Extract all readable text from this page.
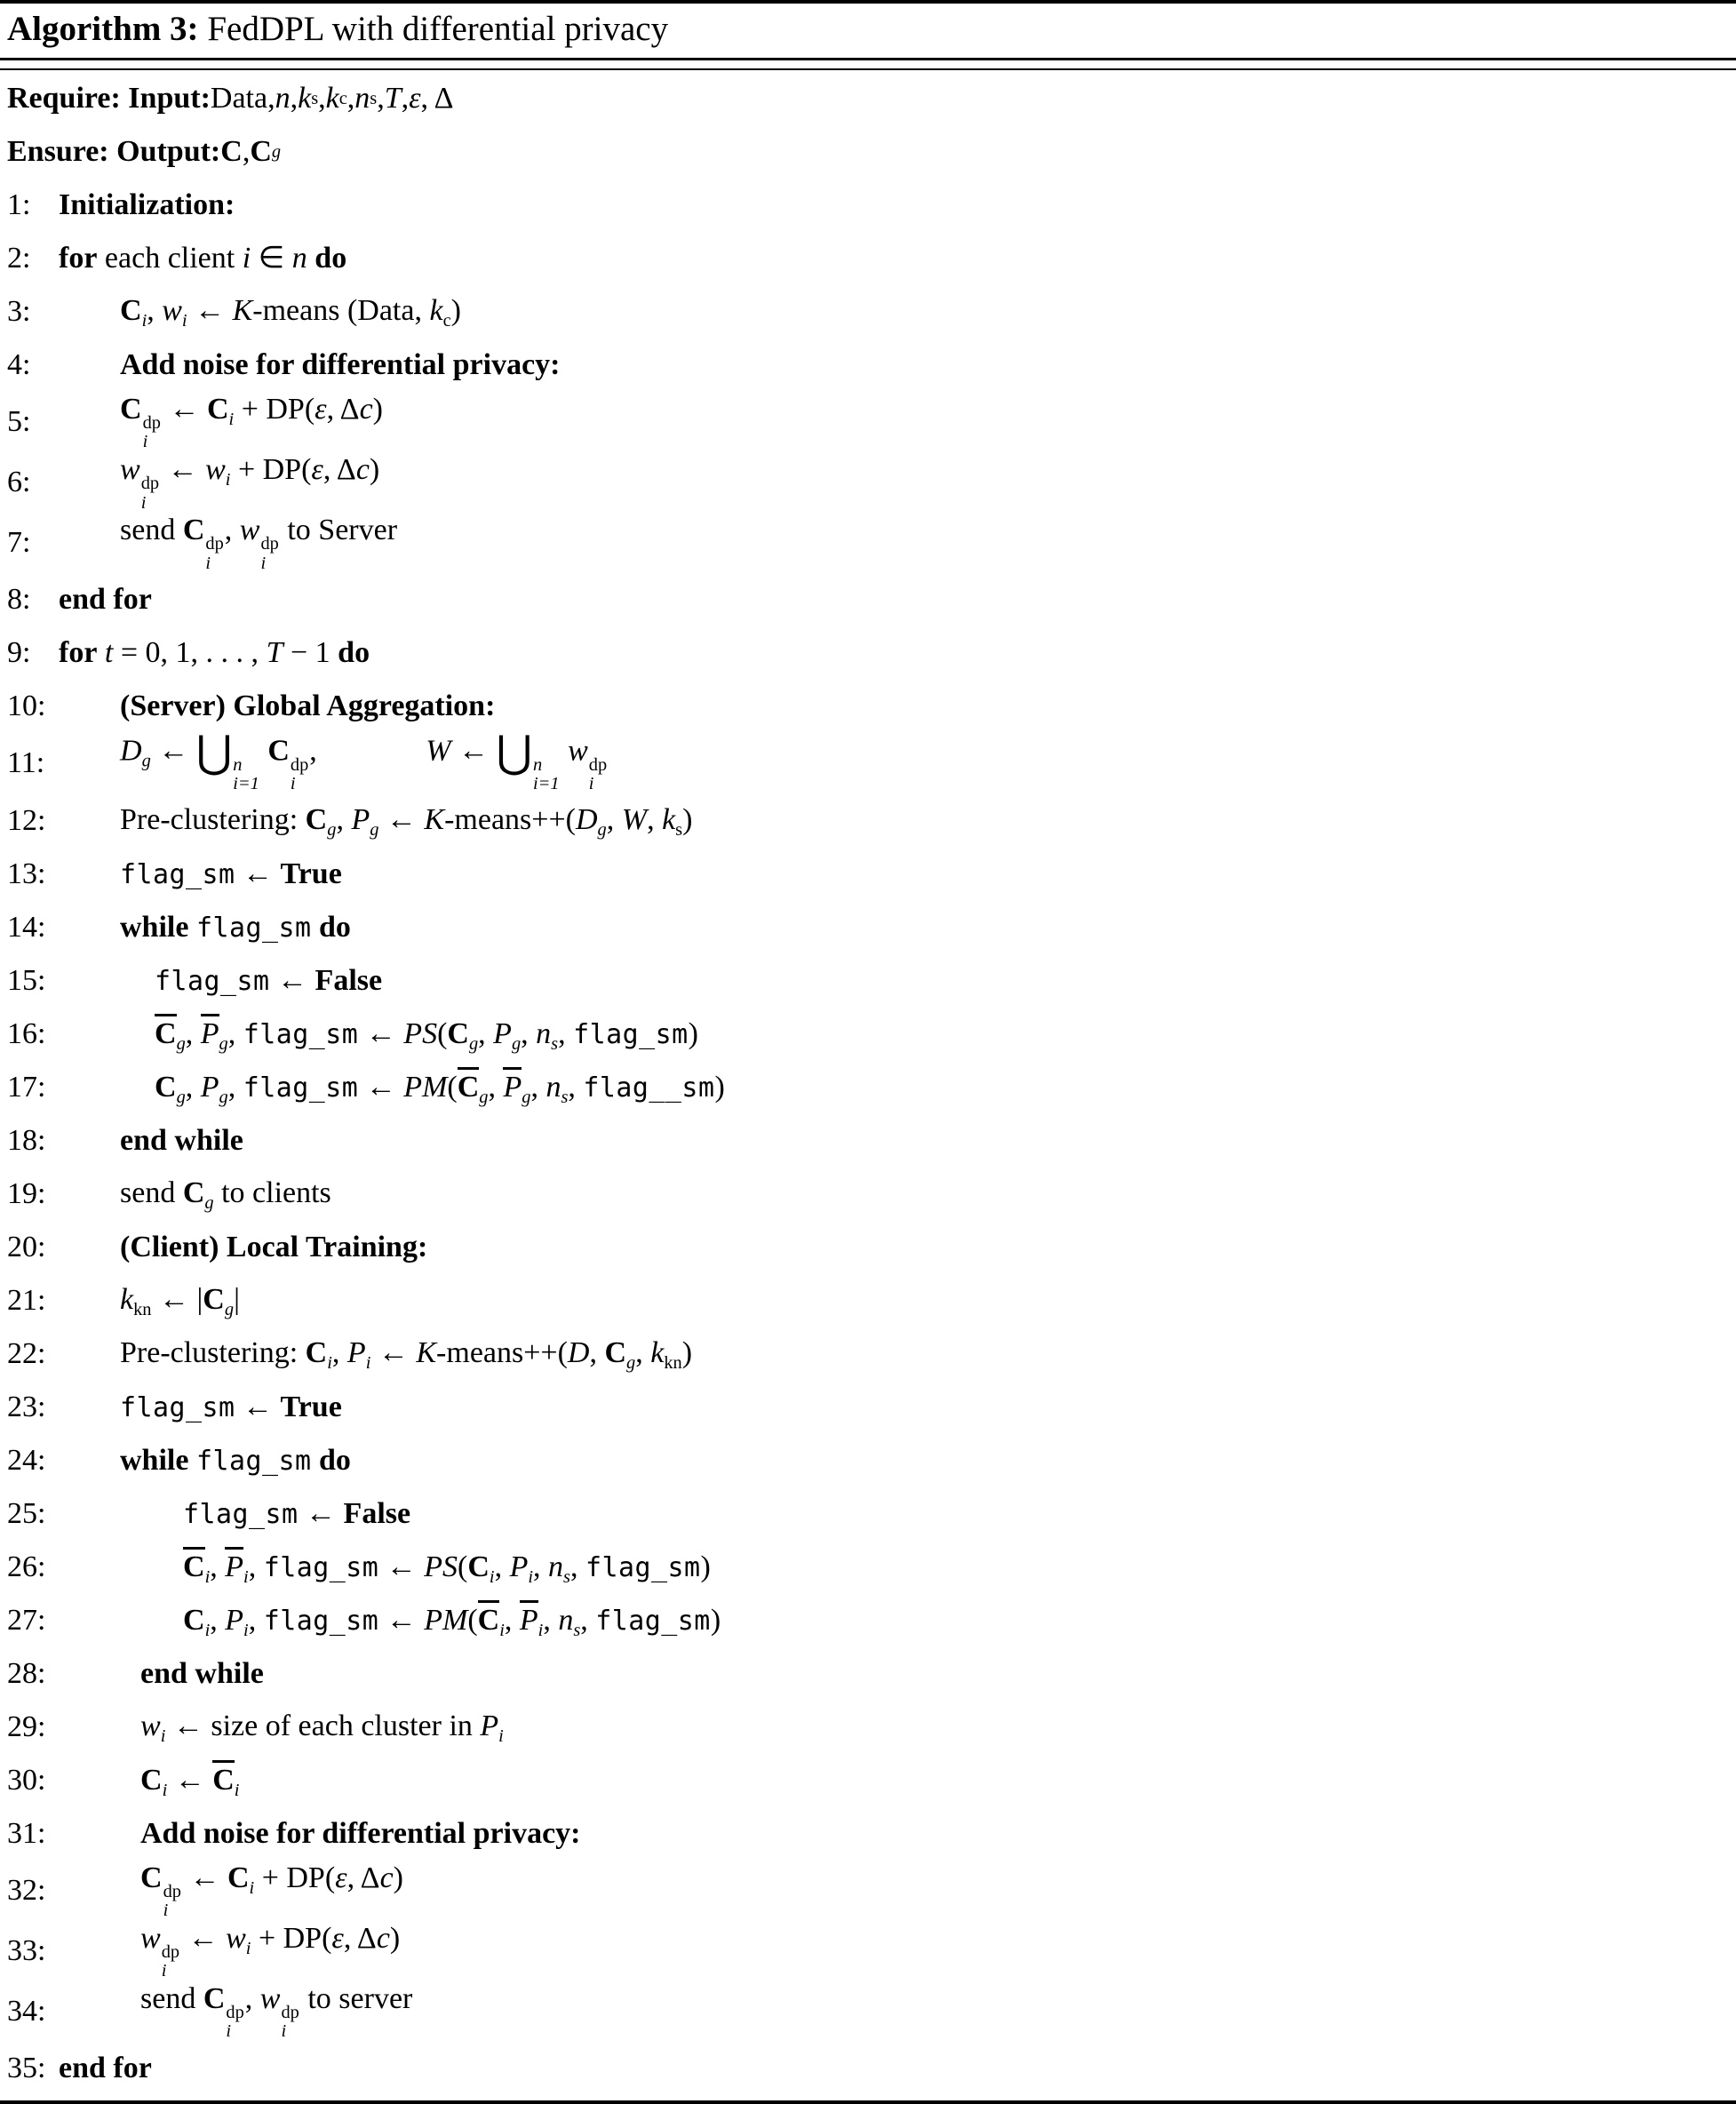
Algorithm 3: FedDPL with differential privacy
Require: Input: Data, n , k s , k c , n s , T , ε , Δ
Ensure: Output: C , C g
1: Initialization:
2: for each client i ∈ n do
3:	$C_i$, $w_i$ ← K-means (Data, $k_c$)
4:	Add noise for differential privacy:
5:	C dp
i
← $C_i + DP(\varepsilon$, Δc)
6:	w dp
i
← $w_i + DP(\varepsilon$, Δc)
7:	send C dp
i
, w dp
i
to Server
8: end for
9: for t = 0, 1, . . . , T − 1 do
10:	(Server) Global Aggregation:
11:	$D_g$ ← ⋃ n
i=1
C dp
i
,	W ← ⋃ n
i=1
w dp
i
12:	Pre-clustering: $C_g$, $P_g$ ← $K-means++(D_g$, W, $k_s$)
13:	flag_sm ← True
14:	while flag_sm do
15:	flag_sm ← False
16:	$C_g$, $P_g$, flag_sm ← $PS(C_g$, $P_g$, $n_s$, flag_sm)
17:	$C_g$, $P_g$, flag_sm ← $PM(C_g$, $P_g$, $n_s$, flag__sm)
18:	end while
19:	send $C_g$ to clients
20:	(Client) Local Training:
21:	$k_{kn}$ ← $|C_g|$
22:	Pre-clustering: $C_i$, $P_i$ ← K-means++(D, $C_g$, $k_{kn}$)
23:	flag_sm ← True
24:	while flag_sm do
25:	flag_sm ← False
26:	$C_i$, $P_i$, flag_sm ← $PS(C_i$, $P_i$, $n_s$, flag_sm)
27:	$C_i$, $P_i$, flag_sm ← $PM(C_i$, $P_i$, $n_s$, flag_sm)
28:	end while
29:	$w_i$ ← size of each cluster in $P_i$
30:	$C_i$ ← $C_i$
31:	Add noise for differential privacy:
32:	C dp
i
← $C_i + DP(\varepsilon$, Δc)
33:	w dp
i
← $w_i + DP(\varepsilon$, Δc)
34:	send C dp
i
, w dp
i
to server
35: end for
